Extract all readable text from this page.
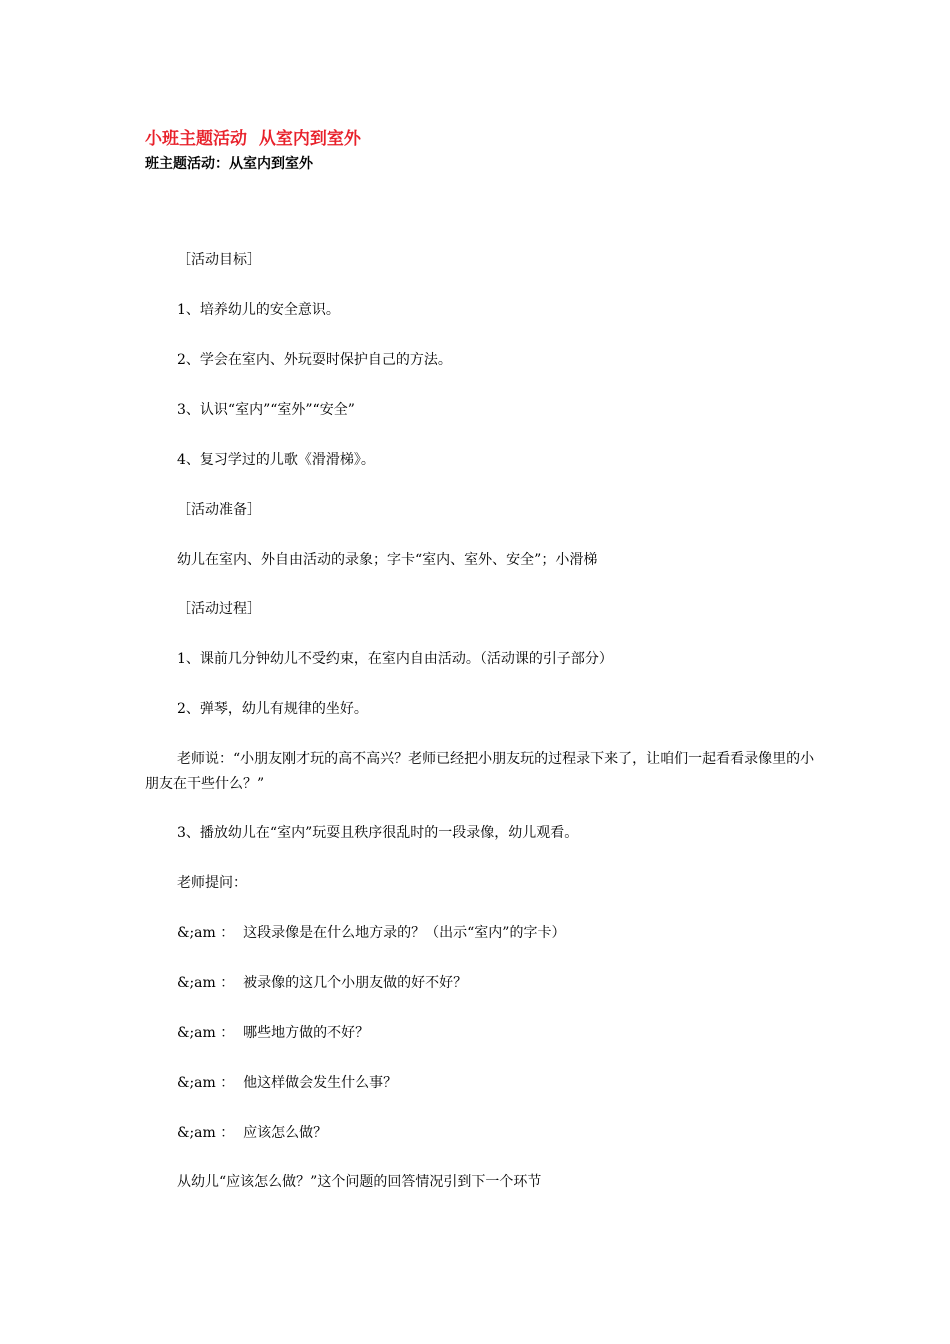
小班主题活动  从室内到室外
班主题活动：从室内到室外

［活动目标］

1、培养幼儿的安全意识。

2、学会在室内、外玩耍时保护自己的方法。

3、认识“室内”“室外”“安全”

4、复习学过的儿歌《滑滑梯》。

［活动准备］

幼儿在室内、外自由活动的录象；字卡“室内、室外、安全”；小滑梯

［活动过程］

1、课前几分钟幼儿不受约束，在室内自由活动。（活动课的引子部分）

2、弹琴，幼儿有规律的坐好。

老师说：“小朋友刚才玩的高不高兴？老师已经把小朋友玩的过程录下来了，让咱们一起看看录像里的小朋友在干些什么？”

3、播放幼儿在“室内”玩耍且秩序很乱时的一段录像，幼儿观看。

老师提问：

&;am ：  这段录像是在什么地方录的？（出示“室内”的字卡）

&;am ：  被录像的这几个小朋友做的好不好？

&;am ：  哪些地方做的不好？

&;am ：  他这样做会发生什么事？

&;am ：  应该怎么做？

从幼儿“应该怎么做？”这个问题的回答情况引到下一个环节
